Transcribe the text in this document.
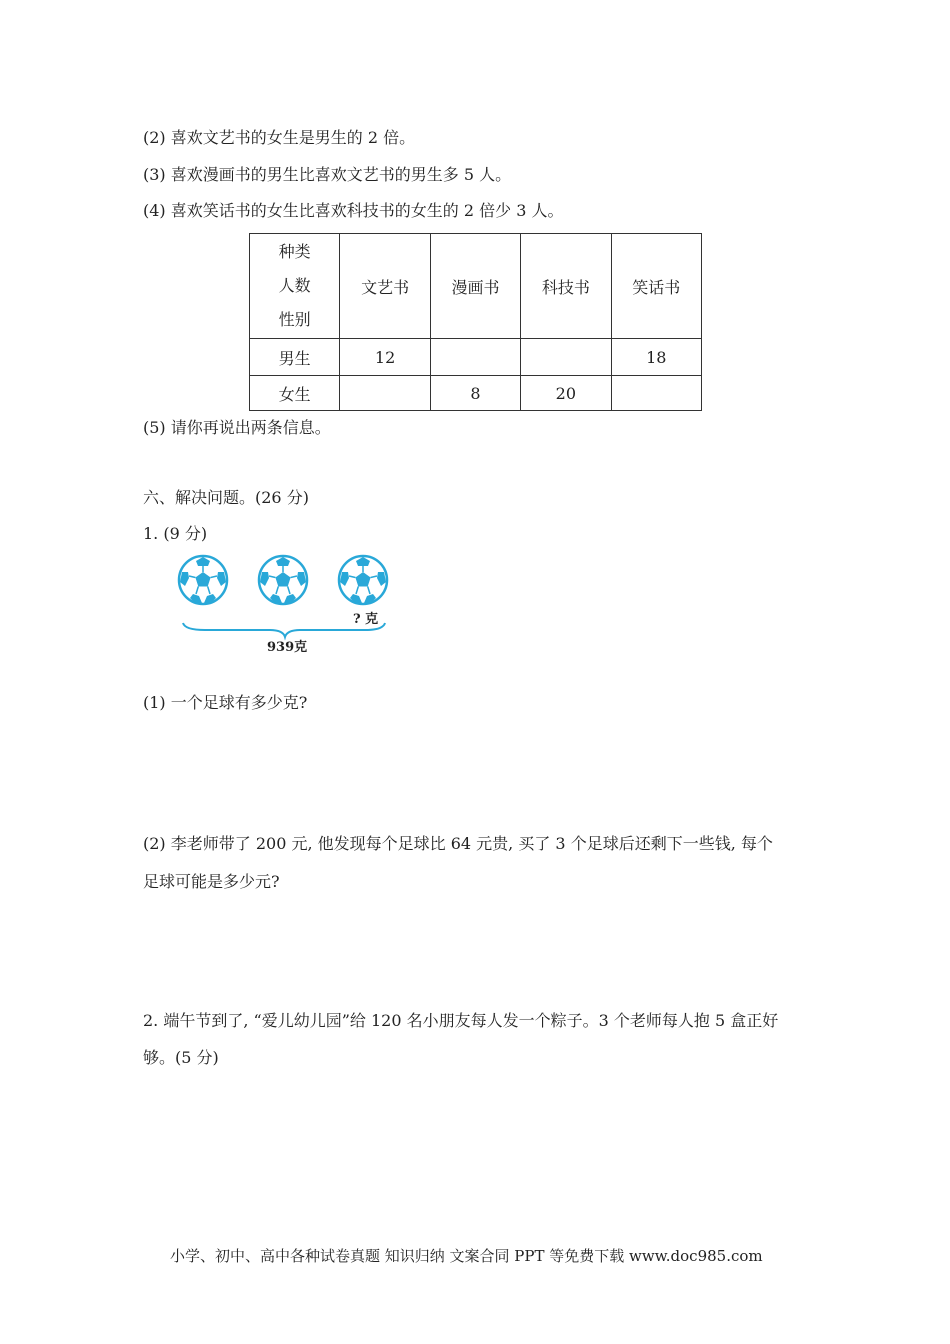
(2) 喜欢文艺书的女生是男生的 2 倍。
(3) 喜欢漫画书的男生比喜欢文艺书的男生多 5 人。
(4) 喜欢笑话书的女生比喜欢科技书的女生的 2 倍少 3 人。
种类
人数
性别	文艺书	漫画书	科技书	笑话书
男生	12			18
女生		8	20	
(5) 请你再说出两条信息。
六、解决问题。(26 分)
1. (9 分)
? 克
939克
(1) 一个足球有多少克?
(2) 李老师带了 200 元, 他发现每个足球比 64 元贵, 买了 3 个足球后还剩下一些钱, 每个
足球可能是多少元?
2. 端午节到了, “爱儿幼儿园”给 120 名小朋友每人发一个粽子。3 个老师每人抱 5 盒正好
够。(5 分)
小学、初中、高中各种试卷真题 知识归纳 文案合同 PPT 等免费下载 www.doc985.com
